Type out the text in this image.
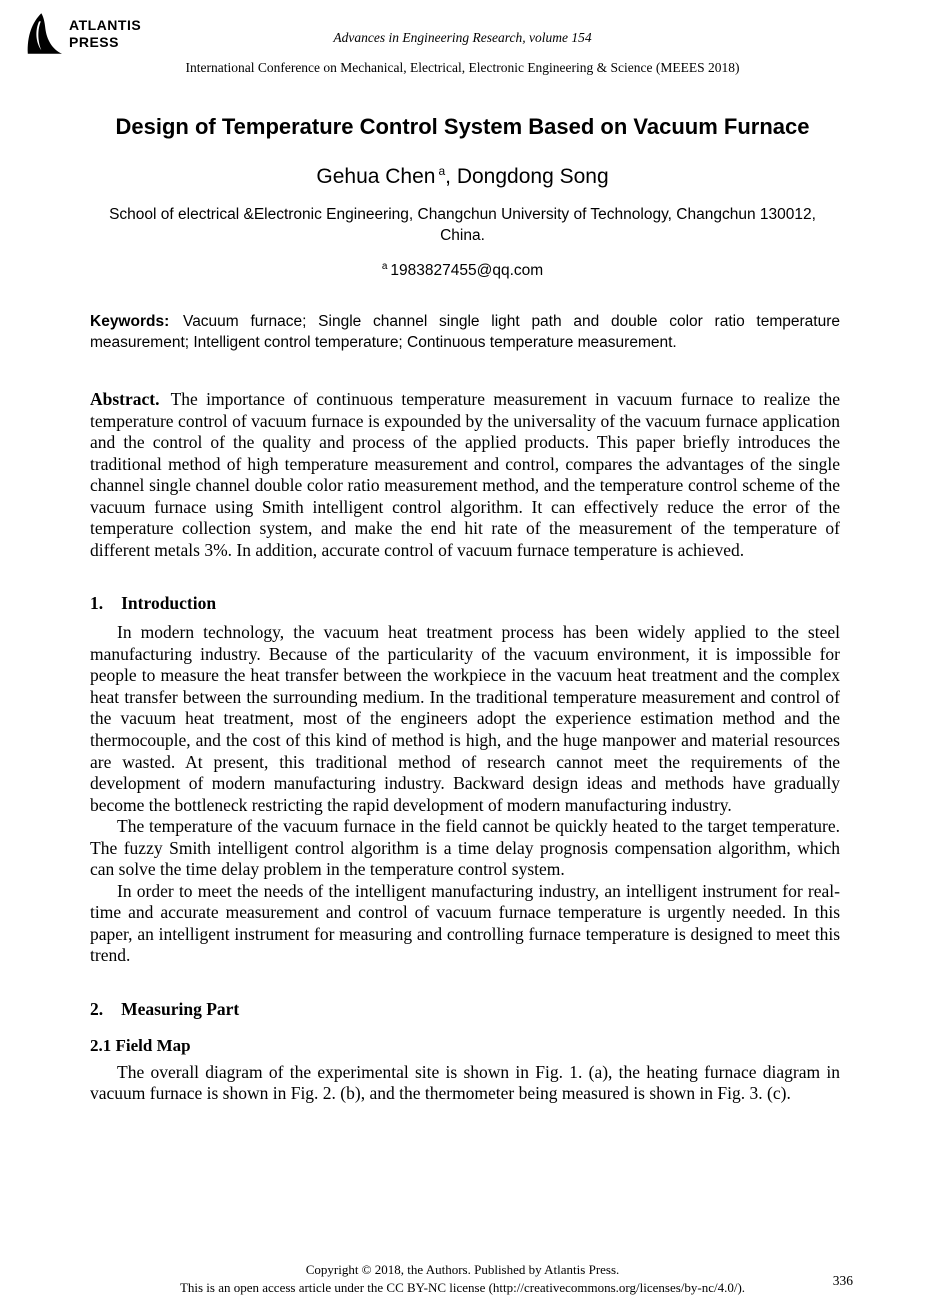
ATLANTIS
PRESS	Advances in Engineering Research, volume 154
International Conference on Mechanical, Electrical, Electronic Engineering & Science (MEEES 2018)
Design of Temperature Control System Based on Vacuum Furnace
Gehua Chen $^a$, Dongdong Song
School of electrical &Electronic Engineering, Changchun University of Technology, Changchun 130012, China.
$^a$ 1983827455@qq.com

Keywords: Vacuum furnace; Single channel single light path and double color ratio temperature measurement; Intelligent control temperature; Continuous temperature measurement.

Abstract. The importance of continuous temperature measurement in vacuum furnace to realize the temperature control of vacuum furnace is expounded by the universality of the vacuum furnace application and the control of the quality and process of the applied products. This paper briefly introduces the traditional method of high temperature measurement and control, compares the advantages of the single channel single channel double color ratio measurement method, and the temperature control scheme of the vacuum furnace using Smith intelligent control algorithm. It can effectively reduce the error of the temperature collection system, and make the end hit rate of the measurement of the temperature of different metals 3%. In addition, accurate control of vacuum furnace temperature is achieved.

1. Introduction

In modern technology, the vacuum heat treatment process has been widely applied to the steel manufacturing industry. Because of the particularity of the vacuum environment, it is impossible for people to measure the heat transfer between the workpiece in the vacuum heat treatment and the complex heat transfer between the surrounding medium. In the traditional temperature measurement and control of the vacuum heat treatment, most of the engineers adopt the experience estimation method and the thermocouple, and the cost of this kind of method is high, and the huge manpower and material resources are wasted. At present, this traditional method of research cannot meet the requirements of the development of modern manufacturing industry. Backward design ideas and methods have gradually become the bottleneck restricting the rapid development of modern manufacturing industry.

The temperature of the vacuum furnace in the field cannot be quickly heated to the target temperature. The fuzzy Smith intelligent control algorithm is a time delay prognosis compensation algorithm, which can solve the time delay problem in the temperature control system.

In order to meet the needs of the intelligent manufacturing industry, an intelligent instrument for real-time and accurate measurement and control of vacuum furnace temperature is urgently needed. In this paper, an intelligent instrument for measuring and controlling furnace temperature is designed to meet this trend.

2. Measuring Part
2.1 Field Map

The overall diagram of the experimental site is shown in Fig. 1. (a), the heating furnace diagram in vacuum furnace is shown in Fig. 2. (b), and the thermometer being measured is shown in Fig. 3. (c).

Copyright © 2018, the Authors. Published by Atlantis Press.
This is an open access article under the CC BY-NC license (http://creativecommons.org/licenses/by-nc/4.0/).	336
